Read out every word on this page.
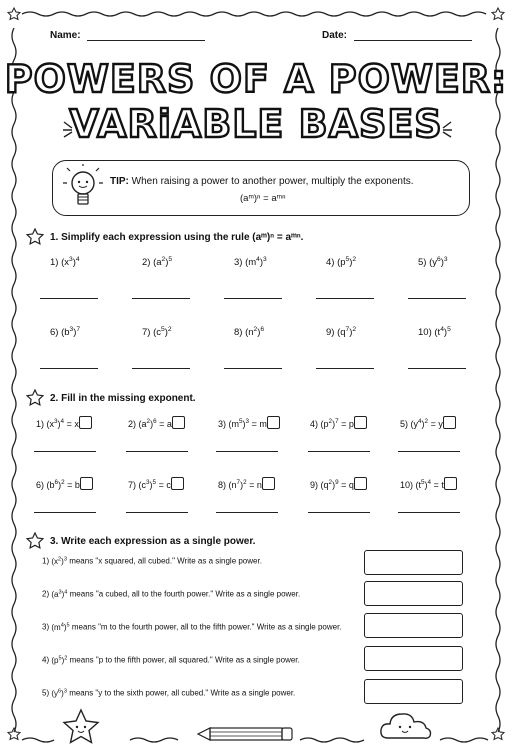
Name:	Date:
POWERS OF A POWER:
VARiABLE BASES
TIP: When raising a power to another power, multiply the exponents.
(aᵐ)ⁿ = aᵐⁿ
1. Simplify each expression using the rule (aᵐ)ⁿ = aᵐⁿ.
1) $(x^3)^4$	2) $(a^2)^5$	3) $(m^4)^3$	4) $(p^5)^2$	5) $(y^6)^3$
6) $(b^3)^7$	7) $(c^5)^2$	8) $(n^2)^6$	9) $(q^7)^2$	10) $(t^4)^5$
2. Fill in the missing exponent.
1) $(x^3)^4 = x$	2) $(a^2)^6 = a$	3) $(m^5)^3 = m$	4) $(p^2)^7 = p$	5) $(y^4)^2 = y$
6) $(b^6)^2 = b$	7) $(c^3)^5 = c$	8) $(n^7)^2 = n$	9) $(q^2)^9 = q$	10) $(t^5)^4 = t$
3. Write each expression as a single power.
1) $(x^2)^3$ means "x squared, all cubed." Write as a single power.
2) $(a^3)^4$ means "a cubed, all to the fourth power." Write as a single power.
3) $(m^4)^5$ means "m to the fourth power, all to the fifth power." Write as a single power.
4) $(p^5)^2$ means "p to the fifth power, all squared." Write as a single power.
5) $(y^6)^3$ means "y to the sixth power, all cubed." Write as a single power.
